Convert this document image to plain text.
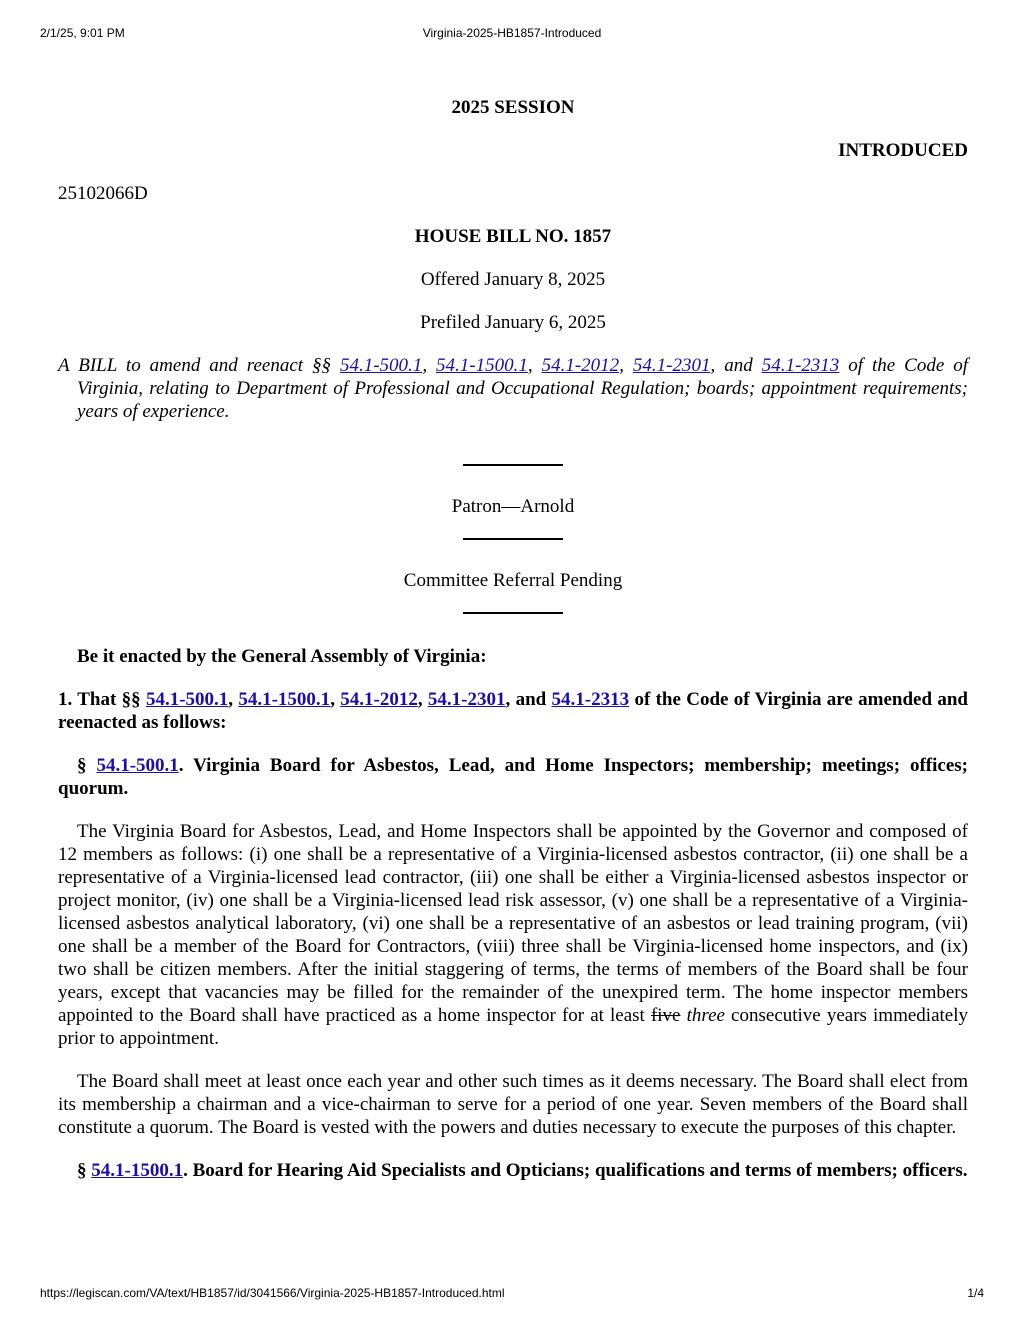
2/1/25, 9:01 PM	Virginia-2025-HB1857-Introduced
2025 SESSION
INTRODUCED
25102066D
HOUSE BILL NO. 1857
Offered January 8, 2025
Prefiled January 6, 2025
A BILL to amend and reenact §§ 54.1-500.1, 54.1-1500.1, 54.1-2012, 54.1-2301, and 54.1-2313 of the Code of Virginia, relating to Department of Professional and Occupational Regulation; boards; appointment requirements; years of experience.
Patron—Arnold
Committee Referral Pending
Be it enacted by the General Assembly of Virginia:
1. That §§ 54.1-500.1, 54.1-1500.1, 54.1-2012, 54.1-2301, and 54.1-2313 of the Code of Virginia are amended and reenacted as follows:
§ 54.1-500.1. Virginia Board for Asbestos, Lead, and Home Inspectors; membership; meetings; offices; quorum.
The Virginia Board for Asbestos, Lead, and Home Inspectors shall be appointed by the Governor and composed of 12 members as follows: (i) one shall be a representative of a Virginia-licensed asbestos contractor, (ii) one shall be a representative of a Virginia-licensed lead contractor, (iii) one shall be either a Virginia-licensed asbestos inspector or project monitor, (iv) one shall be a Virginia-licensed lead risk assessor, (v) one shall be a representative of a Virginia-licensed asbestos analytical laboratory, (vi) one shall be a representative of an asbestos or lead training program, (vii) one shall be a member of the Board for Contractors, (viii) three shall be Virginia-licensed home inspectors, and (ix) two shall be citizen members. After the initial staggering of terms, the terms of members of the Board shall be four years, except that vacancies may be filled for the remainder of the unexpired term. The home inspector members appointed to the Board shall have practiced as a home inspector for at least five three consecutive years immediately prior to appointment.
The Board shall meet at least once each year and other such times as it deems necessary. The Board shall elect from its membership a chairman and a vice-chairman to serve for a period of one year. Seven members of the Board shall constitute a quorum. The Board is vested with the powers and duties necessary to execute the purposes of this chapter.
§ 54.1-1500.1. Board for Hearing Aid Specialists and Opticians; qualifications and terms of members; officers.
https://legiscan.com/VA/text/HB1857/id/3041566/Virginia-2025-HB1857-Introduced.html	1/4
